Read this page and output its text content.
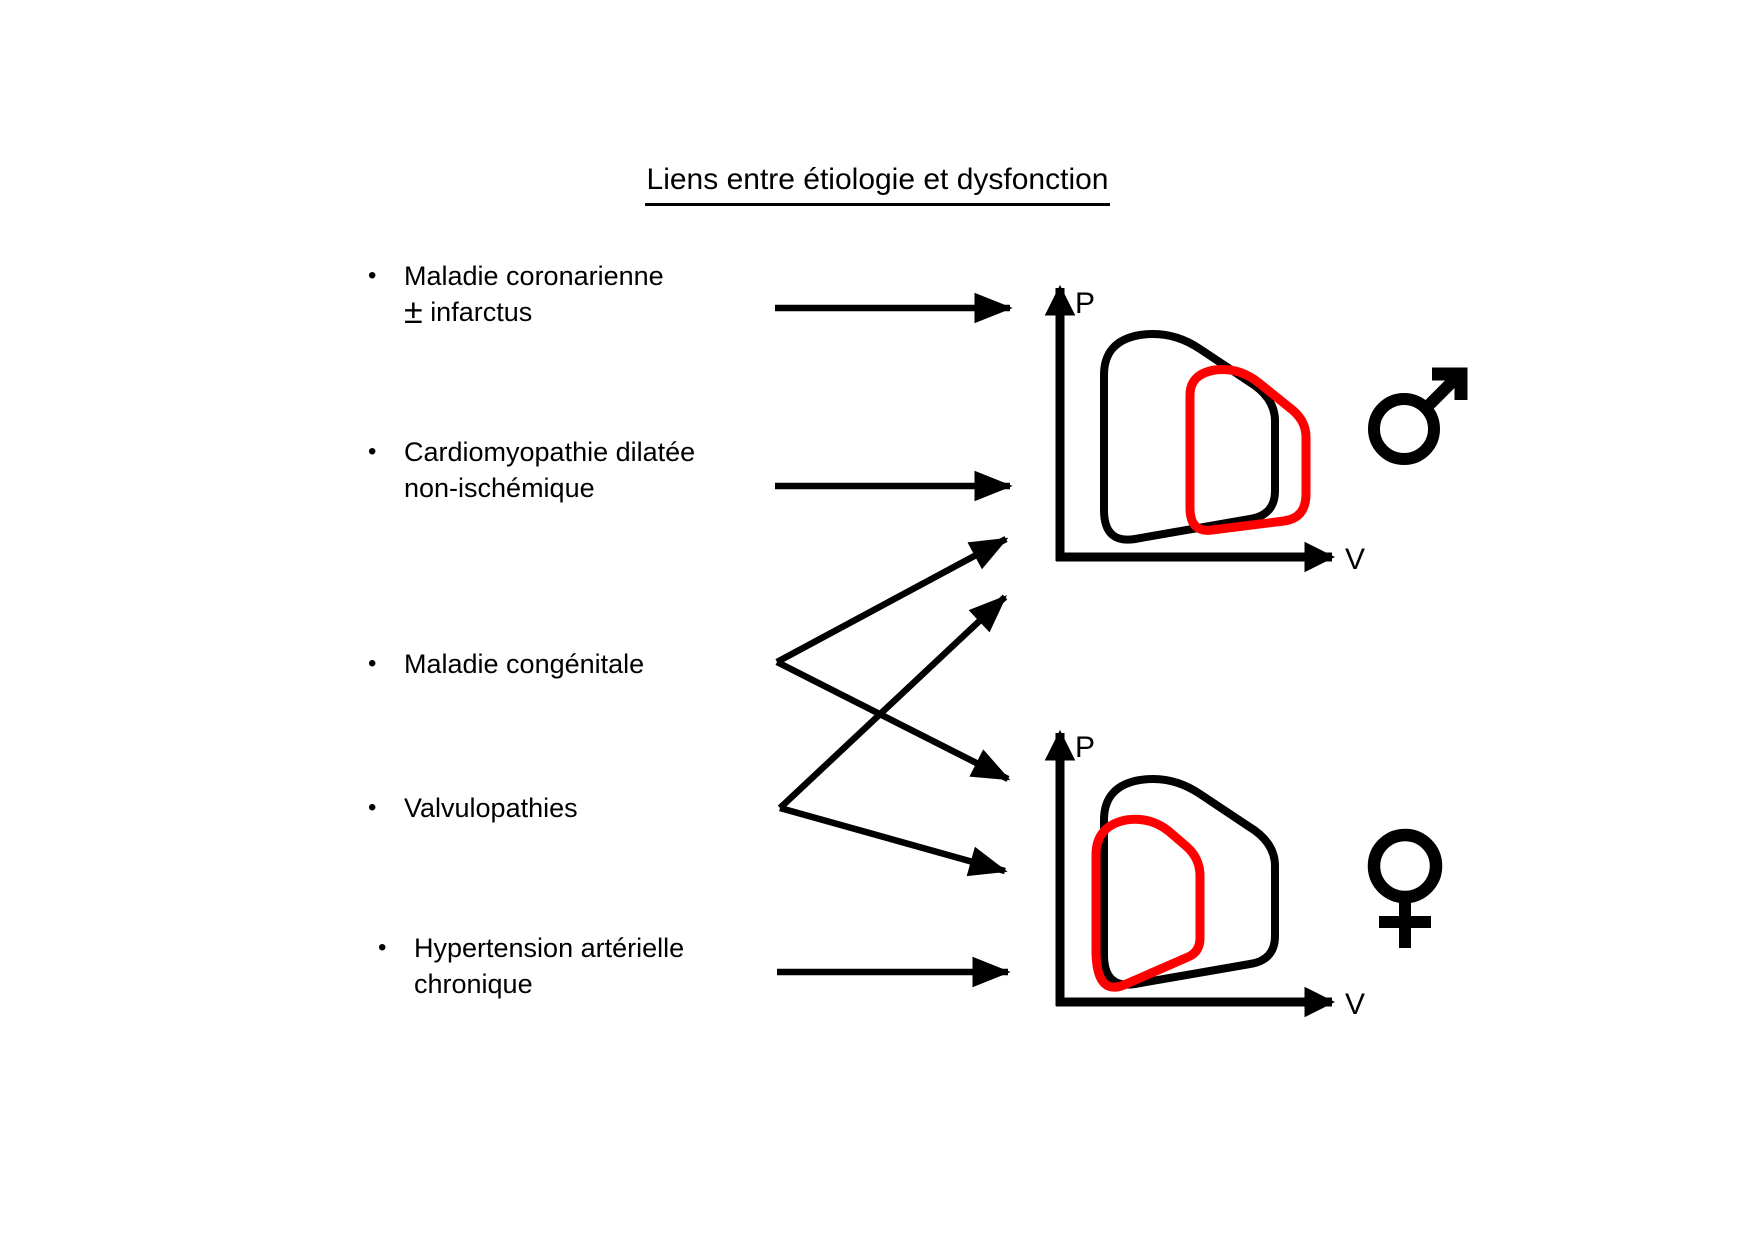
Liens entre étiologie et dysfonction
•	Maladie coronarienne
± infarctus
•	Cardiomyopathie dilatée
non-ischémique
•	Maladie congénitale
•	Valvulopathies
•	Hypertension artérielle
chronique
P
V
P
V
